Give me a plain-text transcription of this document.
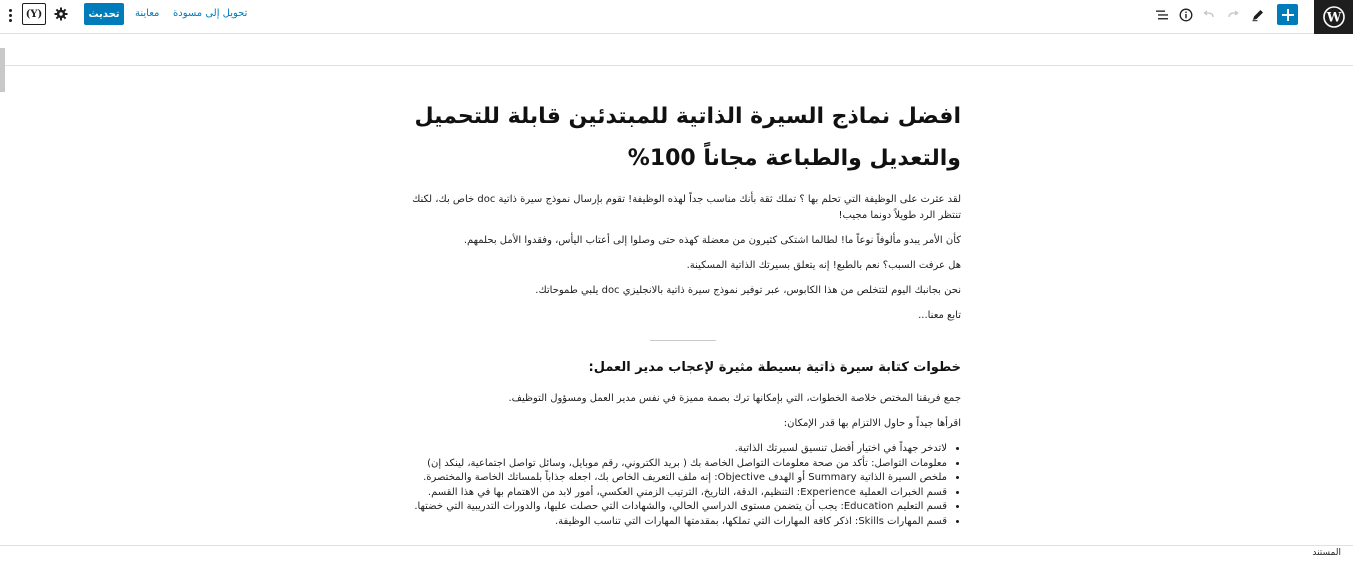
W
(Y)	تحديث	معاينة تحويل إلى مسودة
افضل نماذج السيرة الذاتية للمبتدئين قابلة للتحميل والتعديل والطباعة مجاناً 100%

لقد عثرت على الوظيفة التي تحلم بها ؟ تملك ثقة بأنك مناسب جداً لهذه الوظيفة! تقوم بإرسال نموذج سيرة ذاتية doc خاص بك، لكنك تنتظر الرد طويلاً دونما مجيب!

كأن الأمر يبدو مألوفاً نوعاً ما! لطالما اشتكى كثيرون من معضلة كهذه حتى وصلوا إلى أعتاب اليأس، وفقدوا الأمل بحلمهم.

هل عرفت السبب؟ نعم بالطبع! إنه يتعلق بسيرتك الذاتية المسكينة.

نحن بجانبك اليوم لتتخلص من هذا الكابوس، عبر توفير نموذج سيرة ذاتية بالانجليزي doc يلبي طموحاتك.

تابع معنا...

خطوات كتابة سيرة ذاتية بسيطة مثيرة لإعجاب مدير العمل:

جمع فريقنا المختص خلاصة الخطوات، التي بإمكانها ترك بصمة مميزة في نفس مدير العمل ومسؤول التوظيف.

اقرأها جيداً و حاول الالتزام بها قدر الإمكان:

• لاتدخر جهداً في اختيار أفضل تنسيق لسيرتك الذاتية.
• معلومات التواصل: تأكد من صحة معلومات التواصل الخاصة بك ( بريد الكتروني، رقم موبايل، وسائل تواصل اجتماعية، لينكد إن)
• ملخص السيرة الذاتية Summary أو الهدف Objective: إنه ملف التعريف الخاص بك، اجعله جذاباً بلمساتك الخاصة والمختصرة.
• قسم الخبرات العملية Experience: التنظيم، الدقة، التاريخ، الترتيب الزمني العكسي، أمور لابد من الاهتمام بها في هذا القسم.
• قسم التعليم Education: يجب أن يتضمن مستوى الدراسي الحالي، والشهادات التي حصلت عليها، والدورات التدريبية التي خضتها.
• قسم المهارات Skills: اذكر كافة المهارات التي تملكها، بمقدمتها المهارات التي تناسب الوظيفة.
المستند
